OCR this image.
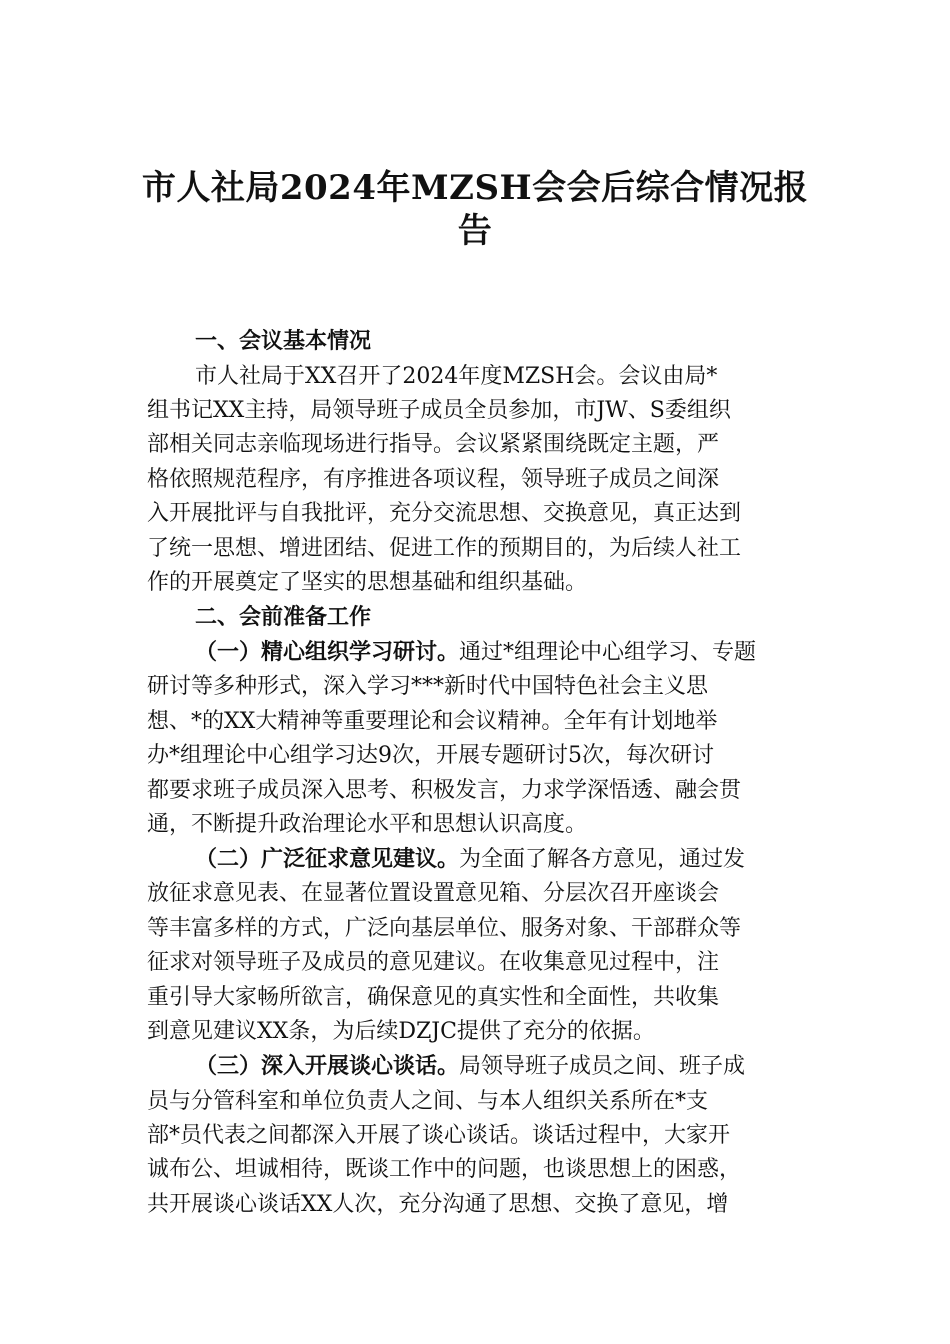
市人社局2024年MZSH会会后综合情况报
告

一、会议基本情况

市人社局于XX召开了2024年度MZSH会。会议由局*

组书记XX主持，局领导班子成员全员参加，市JW、S委组织

部相关同志亲临现场进行指导。会议紧紧围绕既定主题，严

格依照规范程序，有序推进各项议程，领导班子成员之间深

入开展批评与自我批评，充分交流思想、交换意见，真正达到

了统一思想、增进团结、促进工作的预期目的，为后续人社工

作的开展奠定了坚实的思想基础和组织基础。

二、会前准备工作

（一）精心组织学习研讨。通过*组理论中心组学习、专题

研讨等多种形式，深入学习***新时代中国特色社会主义思

想、*的XX大精神等重要理论和会议精神。全年有计划地举

办*组理论中心组学习达9次，开展专题研讨5次，每次研讨

都要求班子成员深入思考、积极发言，力求学深悟透、融会贯

通，不断提升政治理论水平和思想认识高度。

（二）广泛征求意见建议。为全面了解各方意见，通过发

放征求意见表、在显著位置设置意见箱、分层次召开座谈会

等丰富多样的方式，广泛向基层单位、服务对象、干部群众等

征求对领导班子及成员的意见建议。在收集意见过程中，注

重引导大家畅所欲言，确保意见的真实性和全面性，共收集

到意见建议XX条，为后续DZJC提供了充分的依据。

（三）深入开展谈心谈话。局领导班子成员之间、班子成

员与分管科室和单位负责人之间、与本人组织关系所在*支

部*员代表之间都深入开展了谈心谈话。谈话过程中，大家开

诚布公、坦诚相待，既谈工作中的问题，也谈思想上的困惑，

共开展谈心谈话XX人次，充分沟通了思想、交换了意见，增
